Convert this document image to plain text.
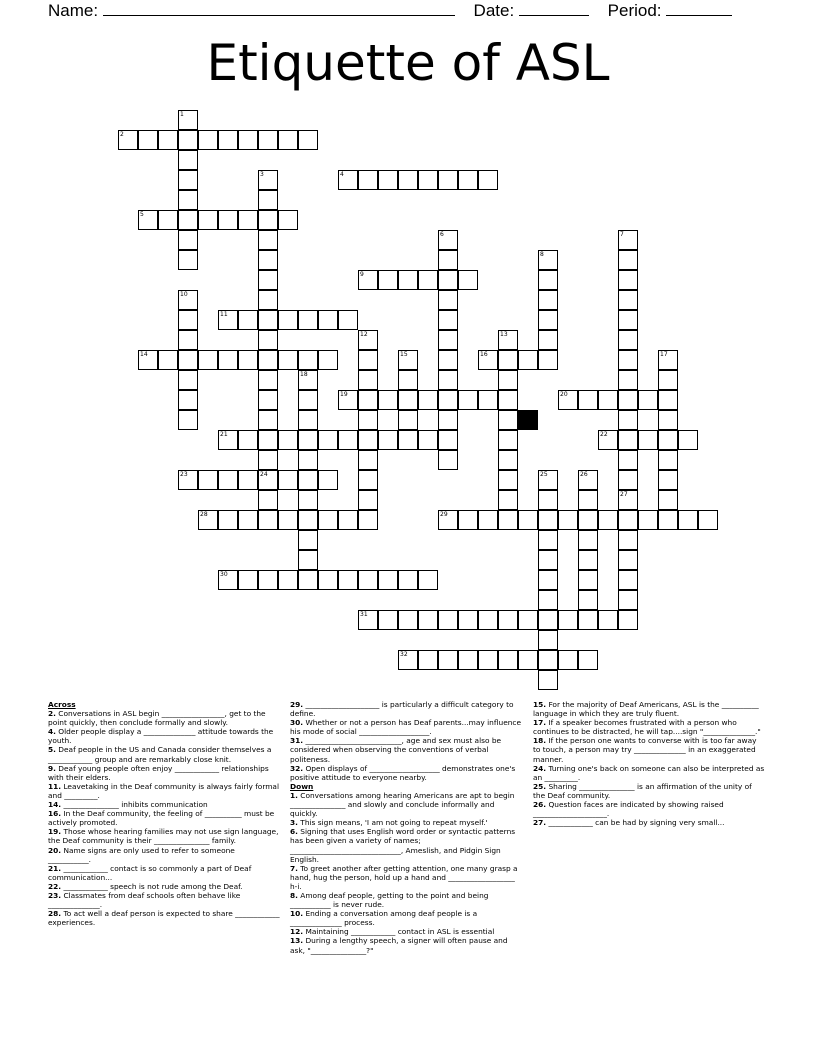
Name:	Date:	Period:
Etiquette of ASL
1
2
3	4
5
6	7
8
9
10
11
12	13
14	15	16	17
18
19	20
21	22
23	24	25	26
27
28	29
30
31
32

Across

2. Conversations in ASL begin _________________, get to the point quickly, then conclude formally and slowly.

4. Older people display a ______________ attitude towards the youth.

5. Deaf people in the US and Canada consider themselves a ____________ group and are remarkably close knit.

9. Deaf young people often enjoy ____________ relationships with their elders.

11. Leavetaking in the Deaf community is always fairly formal and _________.

14. _______________ inhibits communication

16. In the Deaf community, the feeling of __________ must be actively promoted.

19. Those whose hearing families may not use sign language, the Deaf community is their _______________ family.

20. Name signs are only used to refer to someone ___________.

21. ____________ contact is so commonly a part of Deaf communication...

22. ____________ speech is not rude among the Deaf.

23. Classmates from deaf schools often behave like ______________.

28. To act well a deaf person is expected to share ____________ experiences.

29. ____________________ is particularly a difficult category to define.

30. Whether or not a person has Deaf parents...may influence his mode of social ___________________.

31. __________________________, age and sex must also be considered when observing the conventions of verbal politeness.

32. Open displays of ___________________ demonstrates one's positive attitude to everyone nearby.

Down

1. Conversations among hearing Americans are apt to begin _______________ and slowly and conclude informally and quickly.

3. This sign means, 'I am not going to repeat myself.'

6. Signing that uses English word order or syntactic patterns has been given a variety of names; ______________________________, Ameslish, and Pidgin Sign English.

7. To greet another after getting attention, one many grasp a hand, hug the person, hold up a hand and __________________ h-i.

8. Among deaf people, getting to the point and being ___________ is never rude.

10. Ending a conversation among deaf people is a ______________ process.

12. Maintaining ____________ contact in ASL is essential

13. During a lengthy speech, a signer will often pause and ask, "_______________?"

15. For the majority of Deaf Americans, ASL is the __________ language in which they are truly fluent.

17. If a speaker becomes frustrated with a person who continues to be distracted, he will tap....sign "______________."

18. If the person one wants to converse with is too far away to touch, a person may try ______________ in an exaggerated manner.

24. Turning one's back on someone can also be interpreted as an _________.

25. Sharing _______________ is an affirmation of the unity of the Deaf community.

26. Question faces are indicated by showing raised ____________________.

27. ____________ can be had by signing very small...
